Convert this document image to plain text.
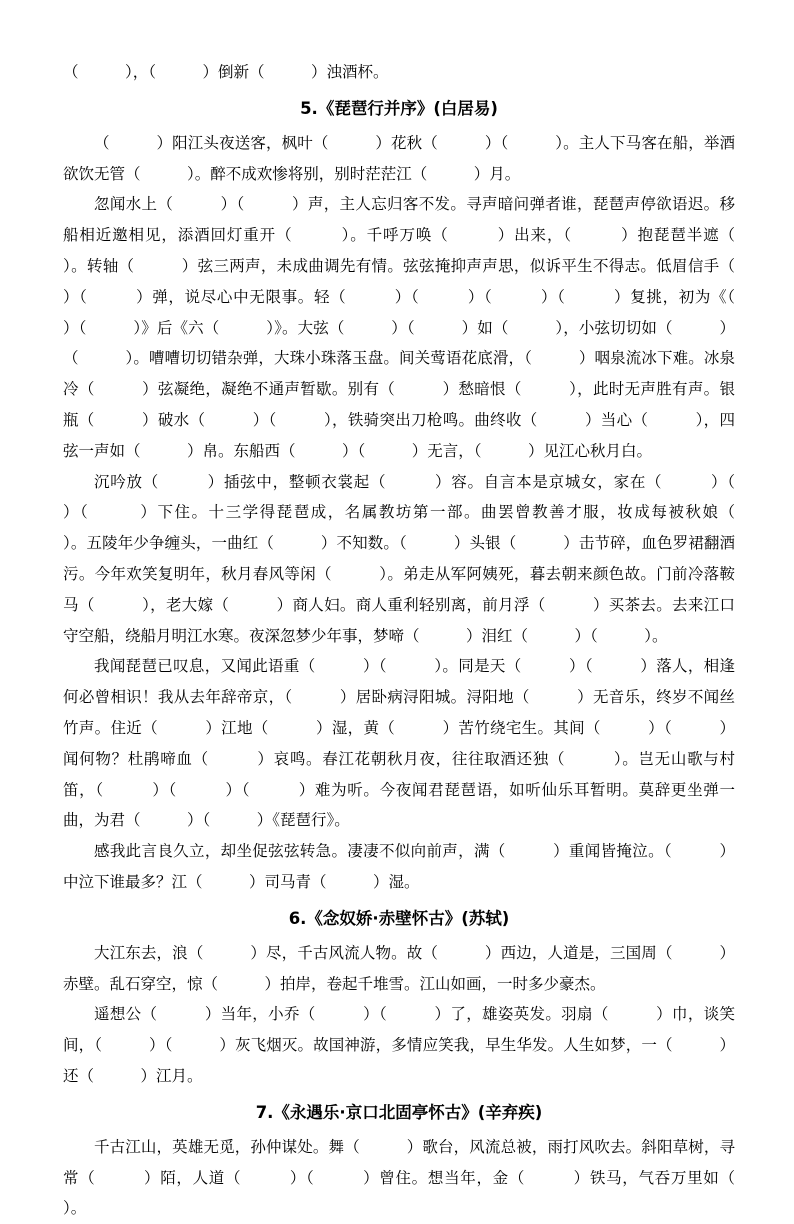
（　　　），（　　　）倒新（　　　）浊酒杯。

5.《琵琶行并序》(白居易)

（　　　）阳江头夜送客，枫叶（　　　）花秋（　　　）（　　　）。主人下马客在船，举酒欲饮无管（　　　）。醉不成欢惨将别，别时茫茫江（　　　）月。

忽闻水上（　　　）（　　　）声，主人忘归客不发。寻声暗问弹者谁，琵琶声停欲语迟。移船相近邀相见，添酒回灯重开（　　　）。千呼万唤（　　　）出来，（　　　）抱琵琶半遮（　　　）。转轴（　　　）弦三两声，未成曲调先有情。弦弦掩抑声声思，似诉平生不得志。低眉信手（　　　）（　　　）弹，说尽心中无限事。轻（　　　）（　　　）（　　　）（　　　）复挑，初为《（　　　）（　　　）》后《六（　　　）》。大弦（　　　）（　　　）如（　　　），小弦切切如（　　　）（　　　）。嘈嘈切切错杂弹，大珠小珠落玉盘。间关莺语花底滑，（　　　）咽泉流冰下难。冰泉冷（　　　）弦凝绝，凝绝不通声暂歇。别有（　　　）愁暗恨（　　　），此时无声胜有声。银瓶（　　　）破水（　　　）（　　　），铁骑突出刀枪鸣。曲终收（　　　）当心（　　　），四弦一声如（　　　）帛。东船西（　　　）（　　　）无言，（　　　）见江心秋月白。

沉吟放（　　　）插弦中，整顿衣裳起（　　　）容。自言本是京城女，家在（　　　）（　　　）（　　　）下住。十三学得琵琶成，名属教坊第一部。曲罢曾教善才服，妆成每被秋娘（　　　）。五陵年少争缠头，一曲红（　　　）不知数。（　　　）头银（　　　）击节碎，血色罗裙翻酒污。今年欢笑复明年，秋月春风等闲（　　　）。弟走从军阿姨死，暮去朝来颜色故。门前冷落鞍马（　　　），老大嫁（　　　）商人妇。商人重利轻别离，前月浮（　　　）买茶去。去来江口守空船，绕船月明江水寒。夜深忽梦少年事，梦啼（　　　）泪红（　　　）（　　　）。

我闻琵琶已叹息，又闻此语重（　　　）（　　　）。同是天（　　　）（　　　）落人，相逢何必曾相识！我从去年辞帝京，（　　　）居卧病浔阳城。浔阳地（　　　）无音乐，终岁不闻丝竹声。住近（　　　）江地（　　　）湿，黄（　　　）苦竹绕宅生。其间（　　　）（　　　）闻何物？杜鹃啼血（　　　）哀鸣。春江花朝秋月夜，往往取酒还独（　　　）。岂无山歌与村笛，（　　　）（　　　）（　　　）难为听。今夜闻君琵琶语，如听仙乐耳暂明。莫辞更坐弹一曲，为君（　　　）（　　　）《琵琶行》。

感我此言良久立，却坐促弦弦转急。凄凄不似向前声，满（　　　）重闻皆掩泣。（　　　）中泣下谁最多？江（　　　）司马青（　　　）湿。

6.《念奴娇·赤壁怀古》(苏轼)

大江东去，浪（　　　）尽，千古风流人物。故（　　　）西边，人道是，三国周（　　　）赤壁。乱石穿空，惊（　　　）拍岸，卷起千堆雪。江山如画，一时多少豪杰。

遥想公（　　　）当年，小乔（　　　）（　　　）了，雄姿英发。羽扇（　　　）巾，谈笑间，（　　　）（　　　）灰飞烟灭。故国神游，多情应笑我，早生华发。人生如梦，一（　　　）还（　　　）江月。

7.《永遇乐·京口北固亭怀古》(辛弃疾)

千古江山，英雄无觅，孙仲谋处。舞（　　　）歌台，风流总被，雨打风吹去。斜阳草树，寻常（　　　）陌，人道（　　　）（　　　）曾住。想当年，金（　　　）铁马，气吞万里如（　　　）。
